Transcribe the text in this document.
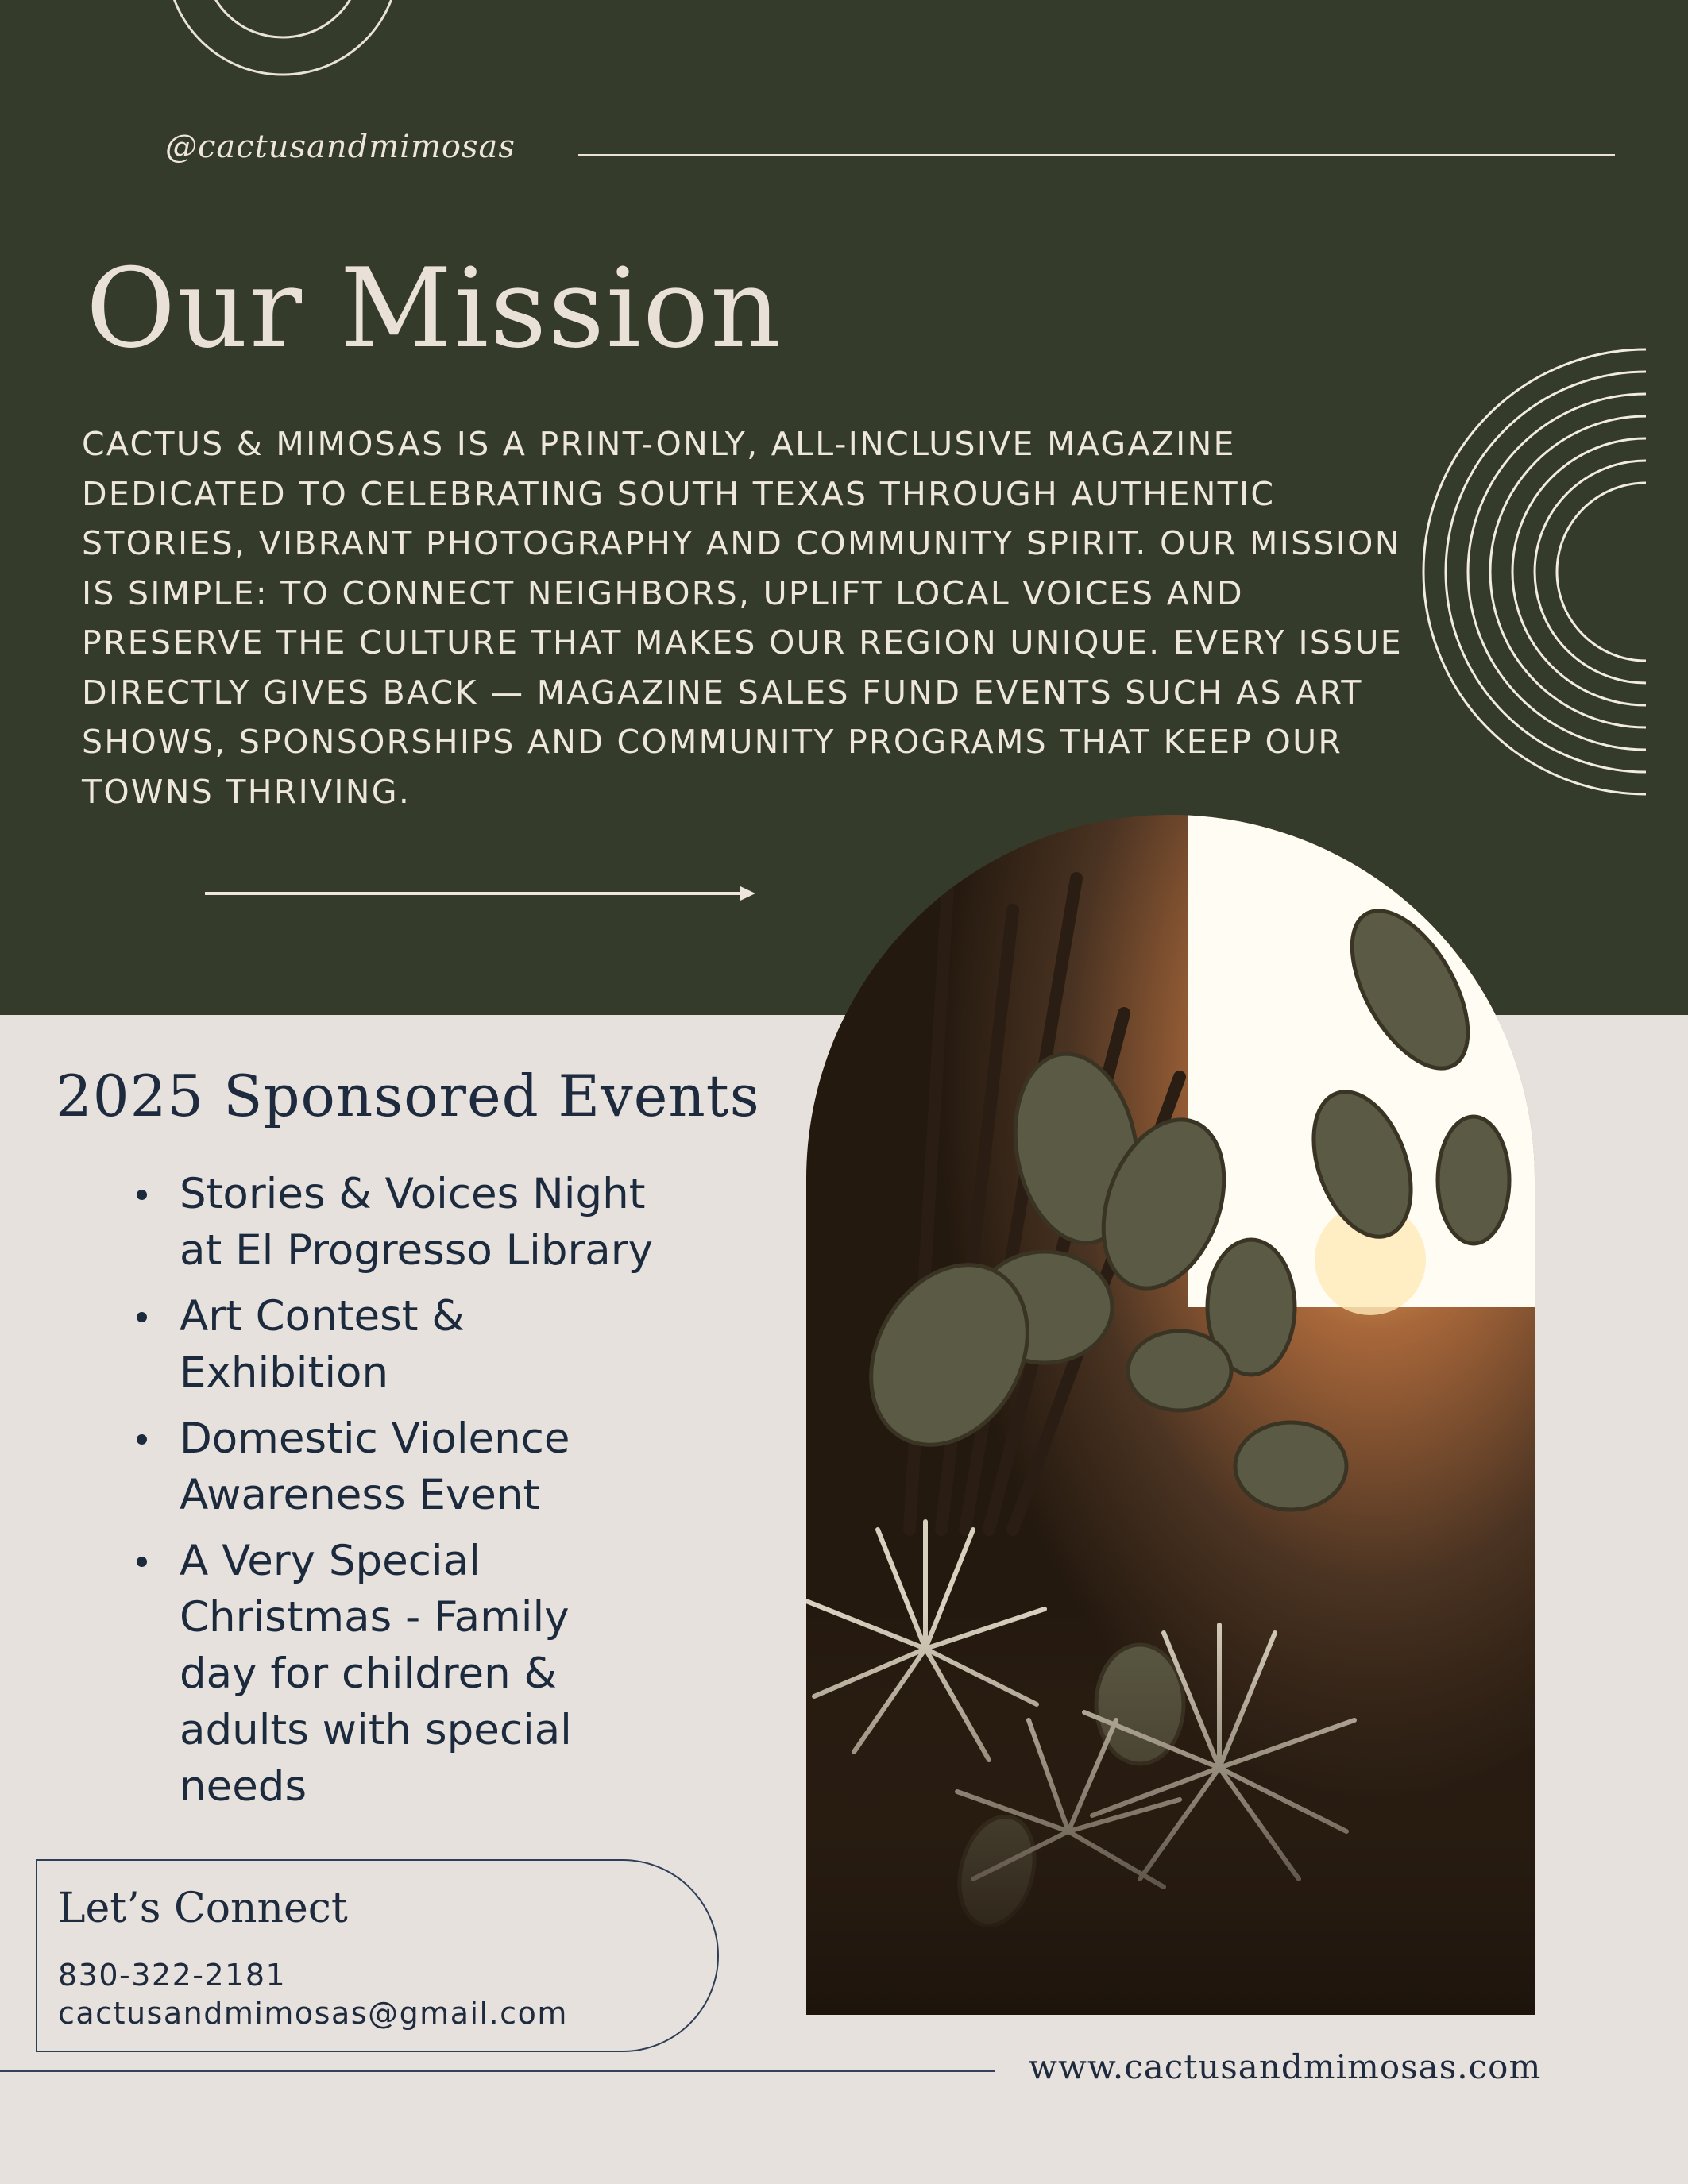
@cactusandmimosas
Our Mission
CACTUS & MIMOSAS IS A PRINT-ONLY, ALL-INCLUSIVE MAGAZINE DEDICATED TO CELEBRATING SOUTH TEXAS THROUGH AUTHENTIC STORIES, VIBRANT PHOTOGRAPHY AND COMMUNITY SPIRIT. OUR MISSION IS SIMPLE: TO CONNECT NEIGHBORS, UPLIFT LOCAL VOICES AND PRESERVE THE CULTURE THAT MAKES OUR REGION UNIQUE. EVERY ISSUE DIRECTLY GIVES BACK — MAGAZINE SALES FUND EVENTS SUCH AS ART SHOWS, SPONSORSHIPS AND COMMUNITY PROGRAMS THAT KEEP OUR TOWNS THRIVING.
2025 Sponsored Events
Stories & Voices Night at El Progresso Library
Art Contest & Exhibition
Domestic Violence Awareness Event
A Very Special Christmas - Family day for children & adults with special needs
Let’s Connect
830-322-2181
cactusandmimosas@gmail.com
www.cactusandmimosas.com
